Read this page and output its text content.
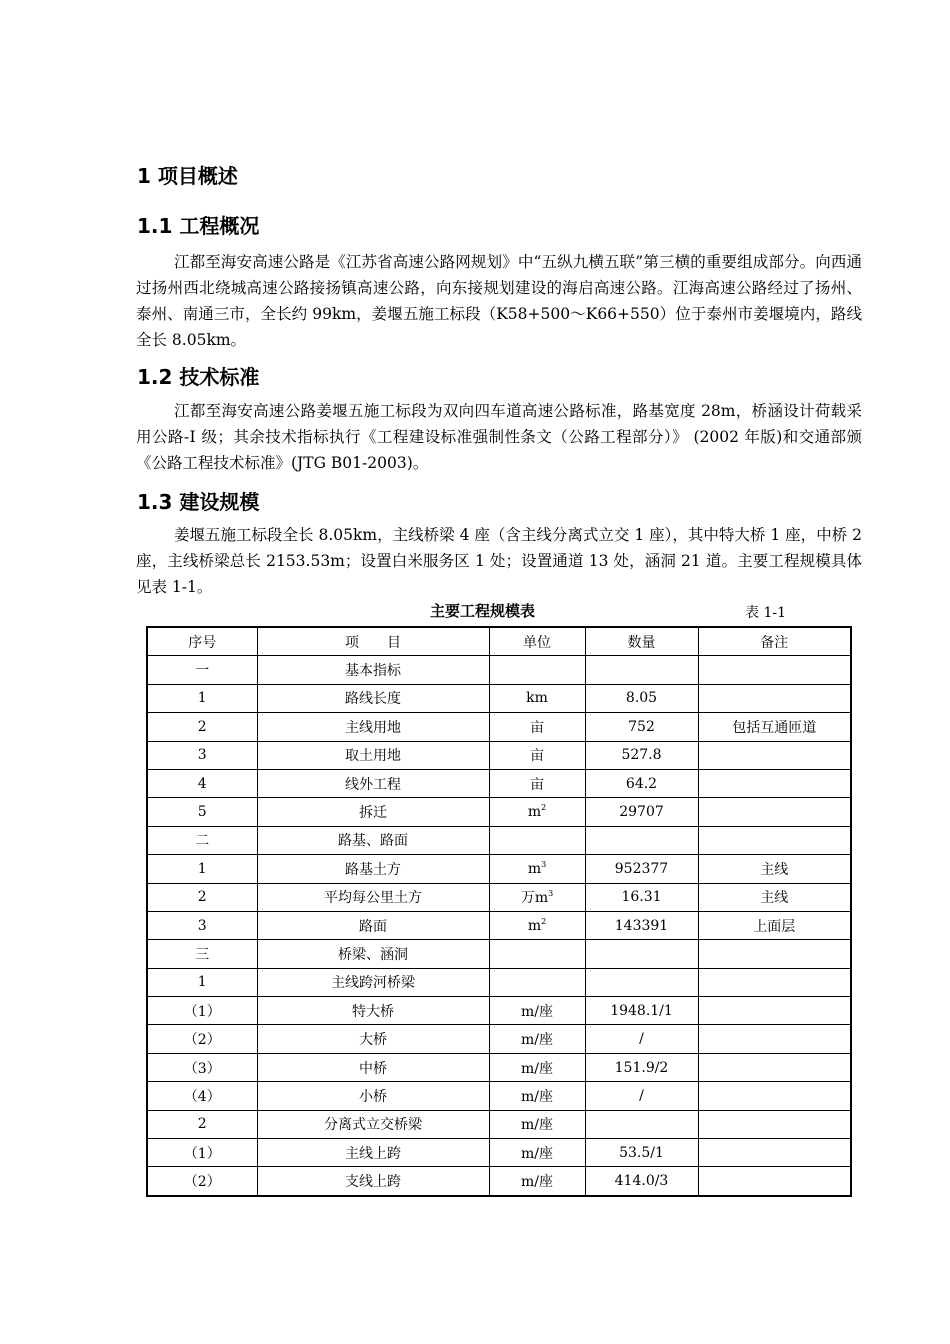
1 项目概述
1.1 工程概况

江都至海安高速公路是《江苏省高速公路网规划》中“五纵九横五联”第三横的重要组成部分。向西通过扬州西北绕城高速公路接扬镇高速公路，向东接规划建设的海启高速公路。江海高速公路经过了扬州、泰州、南通三市，全长约 99km，姜堰五施工标段（K58+500～K66+550）位于泰州市姜堰境内，路线全长 8.05km。

1.2 技术标准

江都至海安高速公路姜堰五施工标段为双向四车道高速公路标准，路基宽度 28m，桥涵设计荷载采用公路-Ⅰ 级；其余技术指标执行《工程建设标准强制性条文（公路工程部分）》 (2002 年版)和交通部颁《公路工程技术标准》(JTG B01-2003)。

1.3 建设规模

姜堰五施工标段全长 8.05km，主线桥梁 4 座（含主线分离式立交 1 座），其中特大桥 1 座，中桥 2 座，主线桥梁总长 2153.53m；设置白米服务区 1 处；设置通道 13 处，涵洞 21 道。主要工程规模具体见表 1-1。

主要工程规模表	表 1-1
序号	项　　目	单位	数量	备注
一	基本指标			
1	路线长度	km	8.05	
2	主线用地	亩	752	包括互通匝道
3	取土用地	亩	527.8	
4	线外工程	亩	64.2	
5	拆迁	$m^2$	29707	
二	路基、路面			
1	路基土方	$m^3$	952377	主线
2	平均每公里土方	万$m^3$	16.31	主线
3	路面	$m^2$	143391	上面层
三	桥梁、涵洞			
1	主线跨河桥梁			
（1）	特大桥	m/座	1948.1/1	
（2）	大桥	m/座	/	
（3）	中桥	m/座	151.9/2	
（4）	小桥	m/座	/	
2	分离式立交桥梁	m/座		
（1）	主线上跨	m/座	53.5/1	
（2）	支线上跨	m/座	414.0/3	
